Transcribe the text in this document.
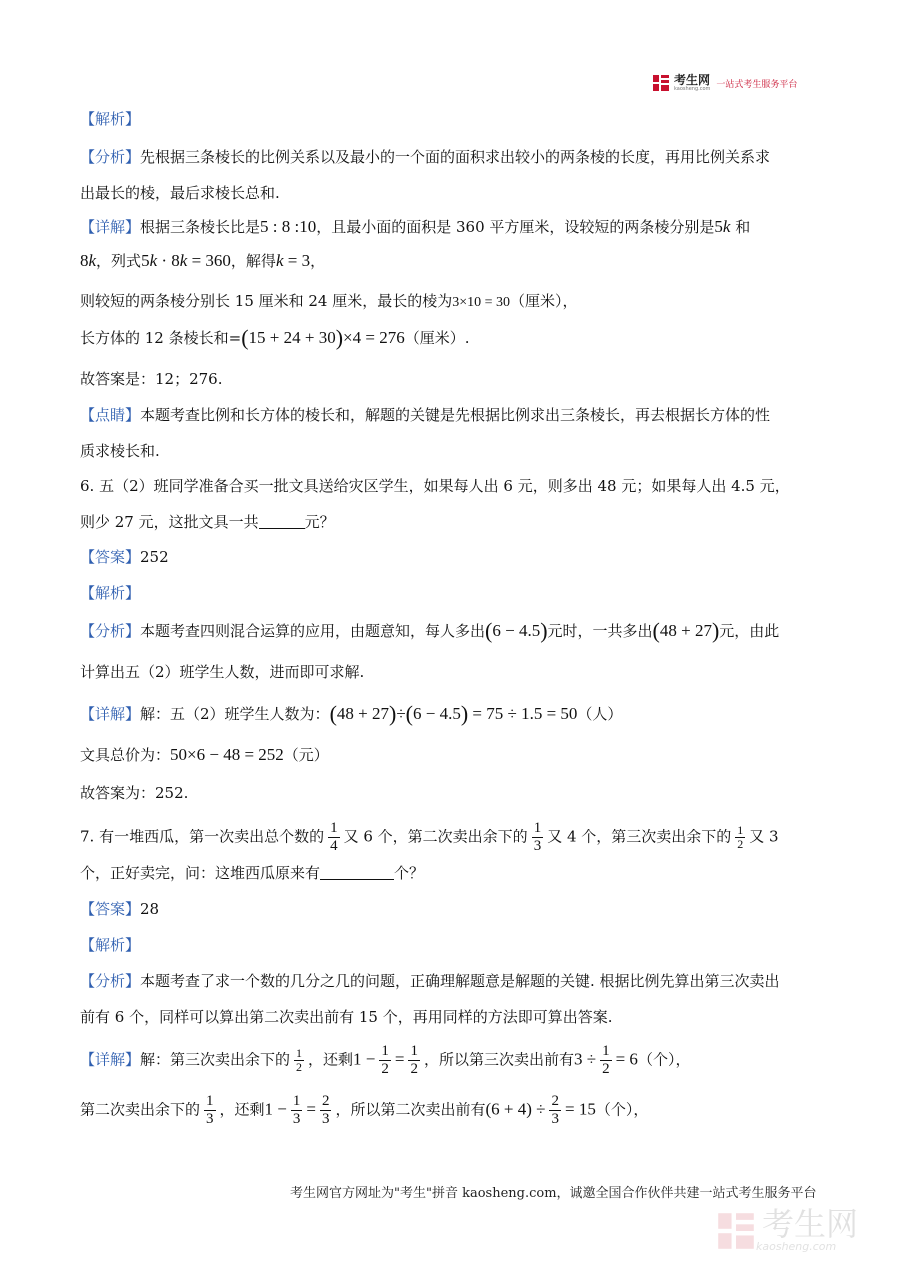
考生网
kaosheng.com 一站式考生服务平台
【解析】
【分析】先根据三条棱长的比例关系以及最小的一个面的面积求出较小的两条棱的长度，再用比例关系求
出最长的棱，最后求棱长总和.
【详解】根据三条棱长比是5 : 8 :10，且最小面的面积是 360 平方厘米，设较短的两条棱分别是5k 和
8k，列式5k · 8k = 360，解得k = 3，
则较短的两条棱分别长 15 厘米和 24 厘米，最长的棱为3×10 = 30（厘米），
长方体的 12 条棱长和=(15 + 24 + 30)×4 = 276（厘米）.
故答案是：12；276.
【点睛】本题考查比例和长方体的棱长和，解题的关键是先根据比例求出三条棱长，再去根据长方体的性
质求棱长和.
6. 五（2）班同学准备合买一批文具送给灾区学生，如果每人出 6 元，则多出 48 元；如果每人出 4.5 元，
则少 27 元，这批文具一共	元？
【答案】252
【解析】
【分析】本题考查四则混合运算的应用，由题意知，每人多出(6 − 4.5)元时，一共多出(48 + 27)元，由此
计算出五（2）班学生人数，进而即可求解.
【详解】解：五（2）班学生人数为：(48 + 27)÷(6 − 4.5) = 75 ÷ 1.5 = 50（人）
文具总价为：50×6 − 48 = 252（元）
故答案为：252.
7. 有一堆西瓜，第一次卖出总个数的 $\frac{1}{4}$ 又 6 个，第二次卖出余下的 $\frac{1}{3}$ 又 4 个，第三次卖出余下的 $\frac{1}{2}$ 又 3
个，正好卖完，问：这堆西瓜原来有	个？
【答案】28
【解析】
【分析】本题考查了求一个数的几分之几的问题，正确理解题意是解题的关键. 根据比例先算出第三次卖出
前有 6 个，同样可以算出第二次卖出前有 15 个，再用同样的方法即可算出答案.
【详解】解：第三次卖出余下的 $\frac{1}{2}$ ，还剩$1 - \frac{1}{2} = \frac{1}{2}$ ，所以第三次卖出前有$3 \div \frac{1}{2} = 6$（个），
第二次卖出余下的 $\frac{1}{3}$ ，还剩$1 - \frac{1}{3} = \frac{2}{3}$ ，所以第二次卖出前有$(6 + 4) \div \frac{2}{3} = 15$（个），
考生网官方网址为"考生"拼音 kaosheng.com，诚邀全国合作伙伴共建一站式考生服务平台
考生网
kaosheng.com
